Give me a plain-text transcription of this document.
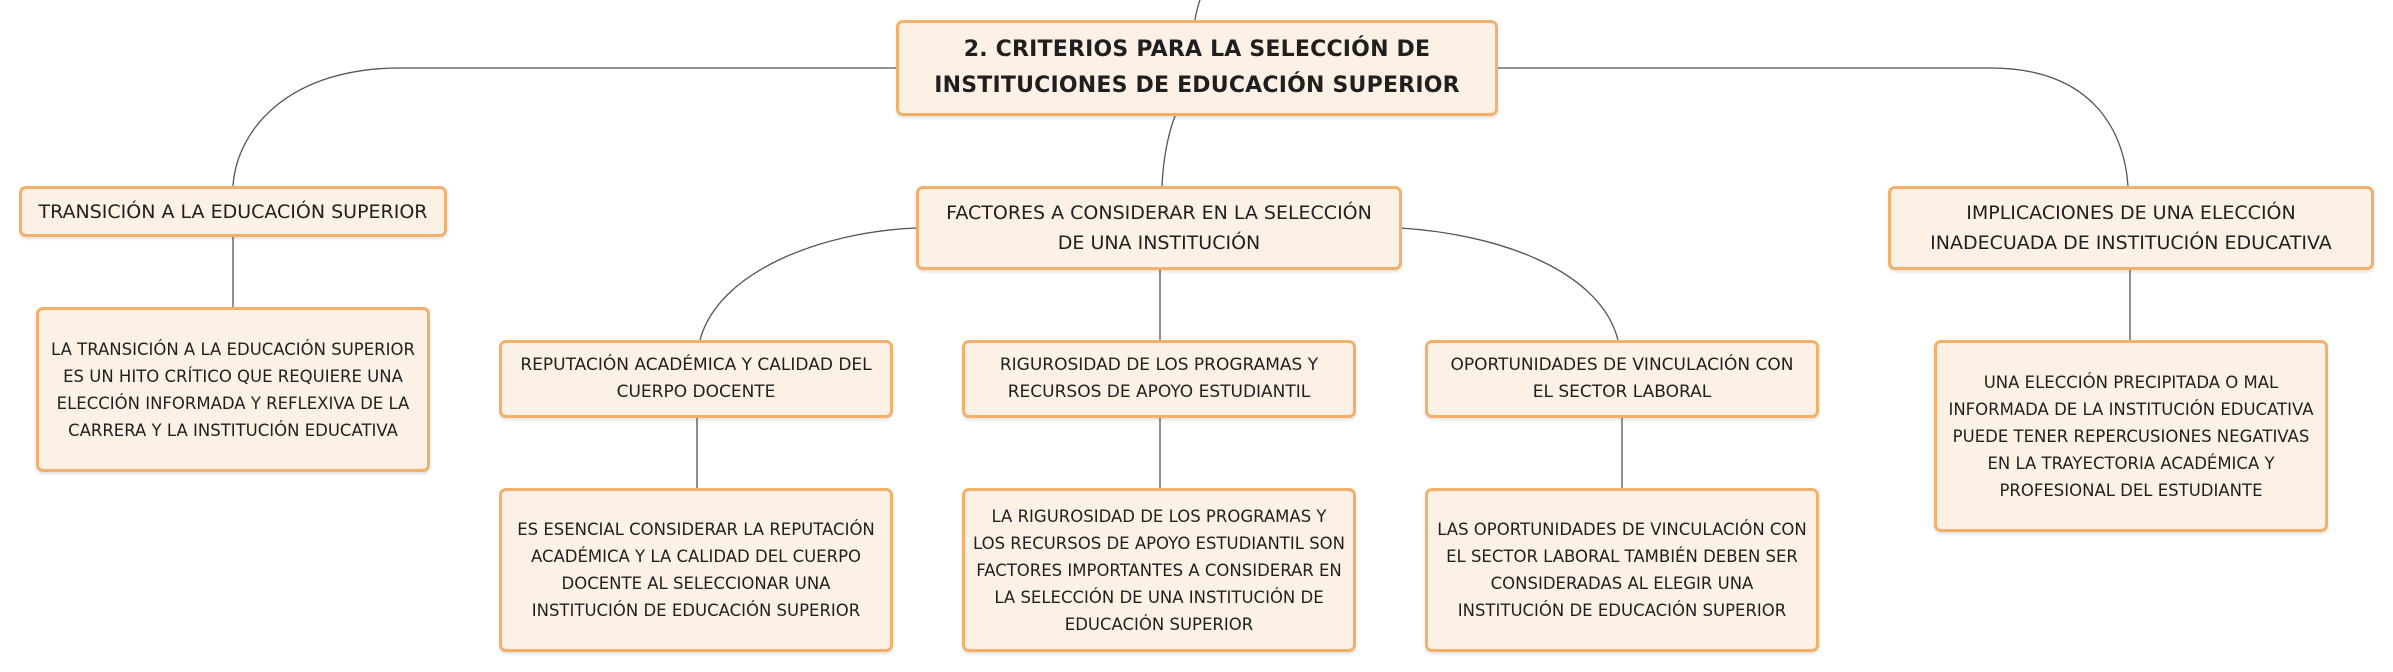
2. CRITERIOS PARA LA SELECCIÓN DE INSTITUCIONES DE EDUCACIÓN SUPERIOR
TRANSICIÓN A LA EDUCACIÓN SUPERIOR	FACTORES A CONSIDERAR EN LA SELECCIÓN DE UNA INSTITUCIÓN
IMPLICACIONES DE UNA ELECCIÓN INADECUADA DE INSTITUCIÓN EDUCATIVA
REPUTACIÓN ACADÉMICA Y CALIDAD DEL CUERPO DOCENTE
RIGUROSIDAD DE LOS PROGRAMAS Y RECURSOS DE APOYO ESTUDIANTIL
OPORTUNIDADES DE VINCULACIÓN CON EL SECTOR LABORAL
LA TRANSICIÓN A LA EDUCACIÓN SUPERIOR ES UN HITO CRÍTICO QUE REQUIERE UNA ELECCIÓN INFORMADA Y REFLEXIVA DE LA CARRERA Y LA INSTITUCIÓN EDUCATIVA
ES ESENCIAL CONSIDERAR LA REPUTACIÓN ACADÉMICA Y LA CALIDAD DEL CUERPO DOCENTE AL SELECCIONAR UNA INSTITUCIÓN DE EDUCACIÓN SUPERIOR
LA RIGUROSIDAD DE LOS PROGRAMAS Y LOS RECURSOS DE APOYO ESTUDIANTIL SON FACTORES IMPORTANTES A CONSIDERAR EN LA SELECCIÓN DE UNA INSTITUCIÓN DE EDUCACIÓN SUPERIOR
LAS OPORTUNIDADES DE VINCULACIÓN CON EL SECTOR LABORAL TAMBIÉN DEBEN SER CONSIDERADAS AL ELEGIR UNA INSTITUCIÓN DE EDUCACIÓN SUPERIOR
UNA ELECCIÓN PRECIPITADA O MAL INFORMADA DE LA INSTITUCIÓN EDUCATIVA PUEDE TENER REPERCUSIONES NEGATIVAS EN LA TRAYECTORIA ACADÉMICA Y PROFESIONAL DEL ESTUDIANTE
